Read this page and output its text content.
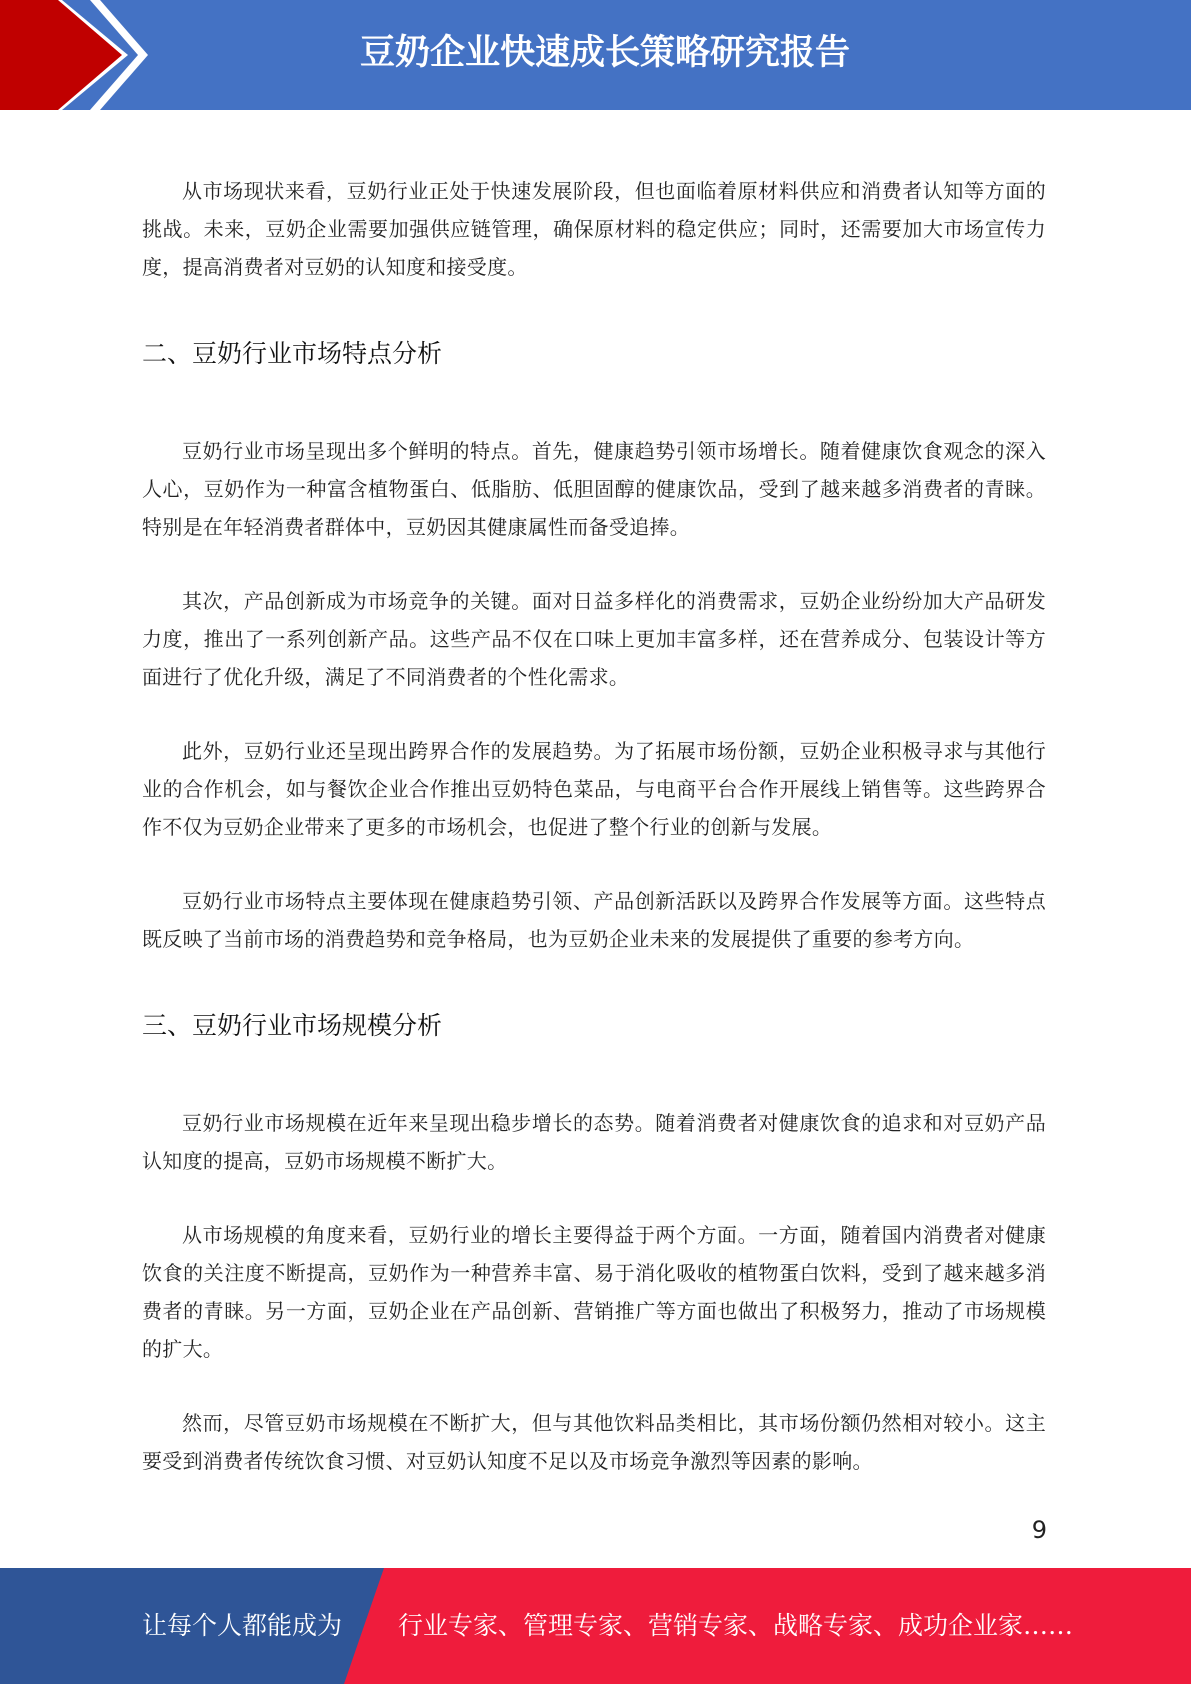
豆奶企业快速成长策略研究报告

从市场现状来看，豆奶行业正处于快速发展阶段，但也面临着原材料供应和消费者认知等方面的挑战。未来，豆奶企业需要加强供应链管理，确保原材料的稳定供应；同时，还需要加大市场宣传力度，提高消费者对豆奶的认知度和接受度。

二、豆奶行业市场特点分析

豆奶行业市场呈现出多个鲜明的特点。首先，健康趋势引领市场增长。随着健康饮食观念的深入人心，豆奶作为一种富含植物蛋白、低脂肪、低胆固醇的健康饮品，受到了越来越多消费者的青睐。特别是在年轻消费者群体中，豆奶因其健康属性而备受追捧。

其次，产品创新成为市场竞争的关键。面对日益多样化的消费需求，豆奶企业纷纷加大产品研发力度，推出了一系列创新产品。这些产品不仅在口味上更加丰富多样，还在营养成分、包装设计等方面进行了优化升级，满足了不同消费者的个性化需求。

此外，豆奶行业还呈现出跨界合作的发展趋势。为了拓展市场份额，豆奶企业积极寻求与其他行业的合作机会，如与餐饮企业合作推出豆奶特色菜品，与电商平台合作开展线上销售等。这些跨界合作不仅为豆奶企业带来了更多的市场机会，也促进了整个行业的创新与发展。

豆奶行业市场特点主要体现在健康趋势引领、产品创新活跃以及跨界合作发展等方面。这些特点既反映了当前市场的消费趋势和竞争格局，也为豆奶企业未来的发展提供了重要的参考方向。

三、豆奶行业市场规模分析

豆奶行业市场规模在近年来呈现出稳步增长的态势。随着消费者对健康饮食的追求和对豆奶产品认知度的提高，豆奶市场规模不断扩大。

从市场规模的角度来看，豆奶行业的增长主要得益于两个方面。一方面，随着国内消费者对健康饮食的关注度不断提高，豆奶作为一种营养丰富、易于消化吸收的植物蛋白饮料，受到了越来越多消费者的青睐。另一方面，豆奶企业在产品创新、营销推广等方面也做出了积极努力，推动了市场规模的扩大。

然而，尽管豆奶市场规模在不断扩大，但与其他饮料品类相比，其市场份额仍然相对较小。这主要受到消费者传统饮食习惯、对豆奶认知度不足以及市场竞争激烈等因素的影响。

9
让每个人都能成为 行业专家、管理专家、营销专家、战略专家、成功企业家……
